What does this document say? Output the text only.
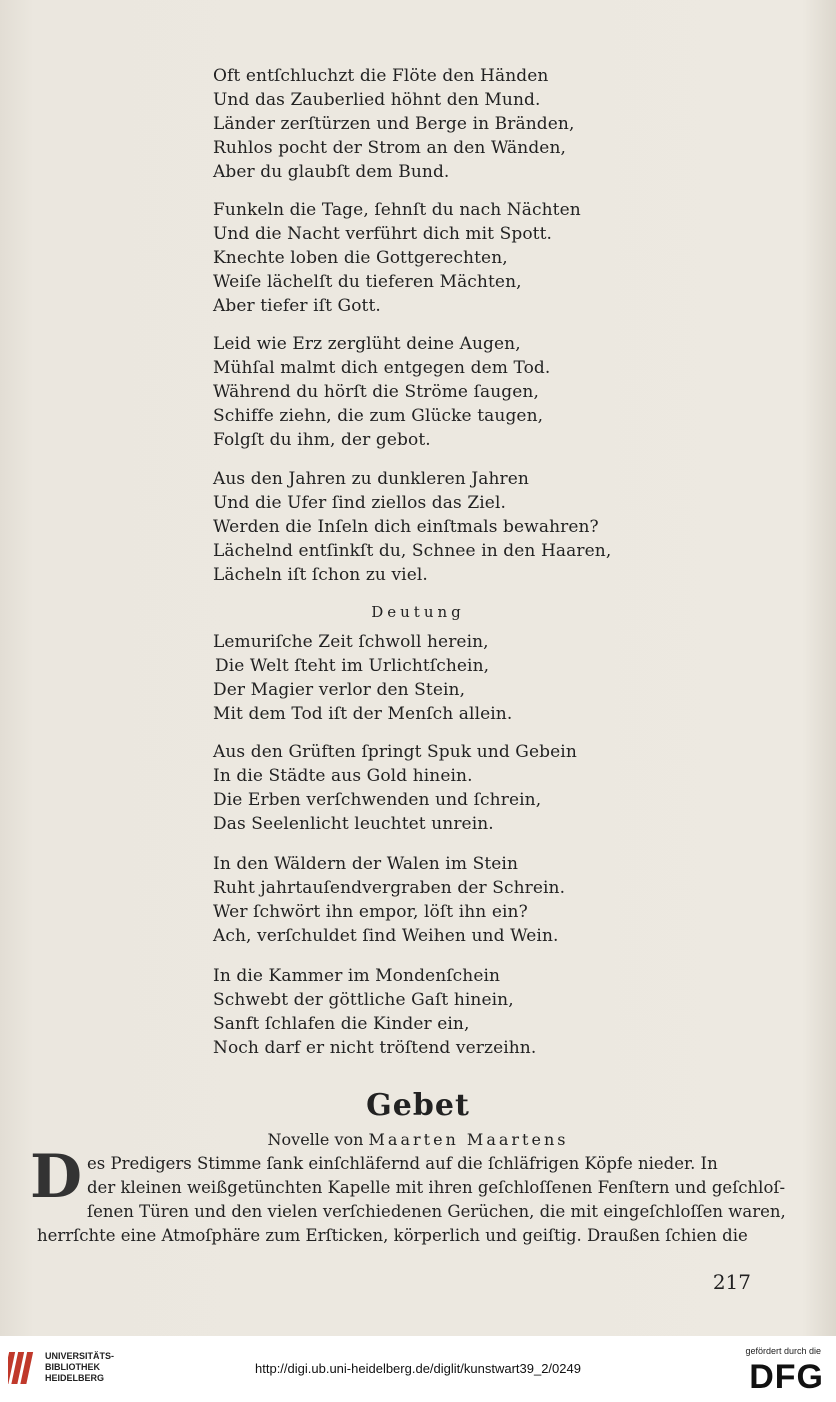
Oft entſchluchzt die Flöte den Händen
Und das Zauberlied höhnt den Mund.
Länder zerſtürzen und Berge in Bränden,
Ruhlos pocht der Strom an den Wänden,
Aber du glaubſt dem Bund.
Funkeln die Tage, ſehnſt du nach Nächten
Und die Nacht verführt dich mit Spott.
Knechte loben die Gottgerechten,
Weiſe lächelſt du tieferen Mächten,
Aber tiefer iſt Gott.
Leid wie Erz zerglüht deine Augen,
Mühſal malmt dich entgegen dem Tod.
Während du hörſt die Ströme ſaugen,
Schiffe ziehn, die zum Glücke taugen,
Folgſt du ihm, der gebot.
Aus den Jahren zu dunkleren Jahren
Und die Ufer ſind ziellos das Ziel.
Werden die Inſeln dich einſtmals bewahren?
Lächelnd entſinkſt du, Schnee in den Haaren,
Lächeln iſt ſchon zu viel.
Deutung
Lemuriſche Zeit ſchwoll herein,
Die Welt ſteht im Urlichtſchein,
Der Magier verlor den Stein,
Mit dem Tod iſt der Menſch allein.
Aus den Grüften ſpringt Spuk und Gebein
In die Städte aus Gold hinein.
Die Erben verſchwenden und ſchrein,
Das Seelenlicht leuchtet unrein.
In den Wäldern der Walen im Stein
Ruht jahrtauſendvergraben der Schrein.
Wer ſchwört ihn empor, löſt ihn ein?
Ach, verſchuldet ſind Weihen und Wein.
In die Kammer im Mondenſchein
Schwebt der göttliche Gaſt hinein,
Sanft ſchlafen die Kinder ein,
Noch darf er nicht tröſtend verzeihn.
Gebet
Novelle von Maarten Maartens
D es Predigers Stimme ſank einſchläfernd auf die ſchläfrigen Köpfe nieder. In
der kleinen weißgetünchten Kapelle mit ihren geſchloſſenen Fenſtern und geſchloſ-
ſenen Türen und den vielen verſchiedenen Gerüchen, die mit eingeſchloſſen waren,
herrſchte eine Atmoſphäre zum Erſticken, körperlich und geiſtig. Draußen ſchien die
217
UNIVERSITÄTS-
BIBLIOTHEK
HEIDELBERG
http://digi.ub.uni-heidelberg.de/diglit/kunstwart39_2/0249
gefördert durch die
DFG
